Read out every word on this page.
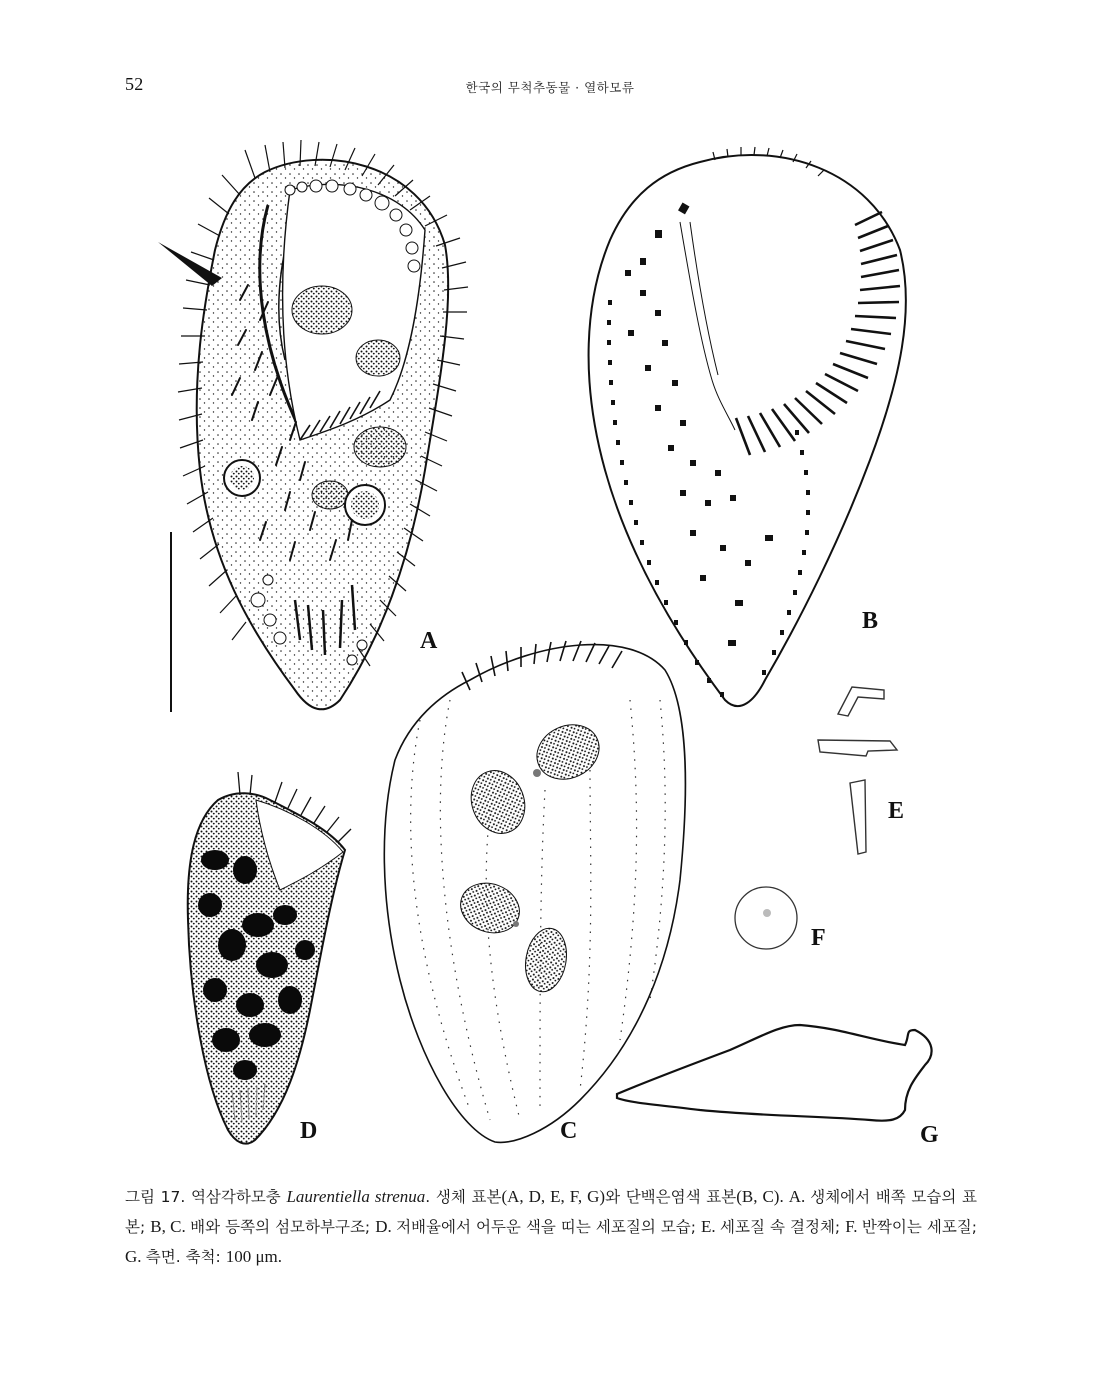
52	한국의 무척추동물 · 열하모류
A
B
C
D
E
F
G
그림 17. 역삼각하모충 Laurentiella strenua. 생체 표본(A, D, E, F, G)와 단백은염색 표본(B, C). A. 생체에서 배쪽 모습의 표본; B, C. 배와 등쪽의 섬모하부구조; D. 저배율에서 어두운 색을 띠는 세포질의 모습; E. 세포질 속 결정체; F. 반짝이는 세포질; G. 측면. 축척: 100 μm.
